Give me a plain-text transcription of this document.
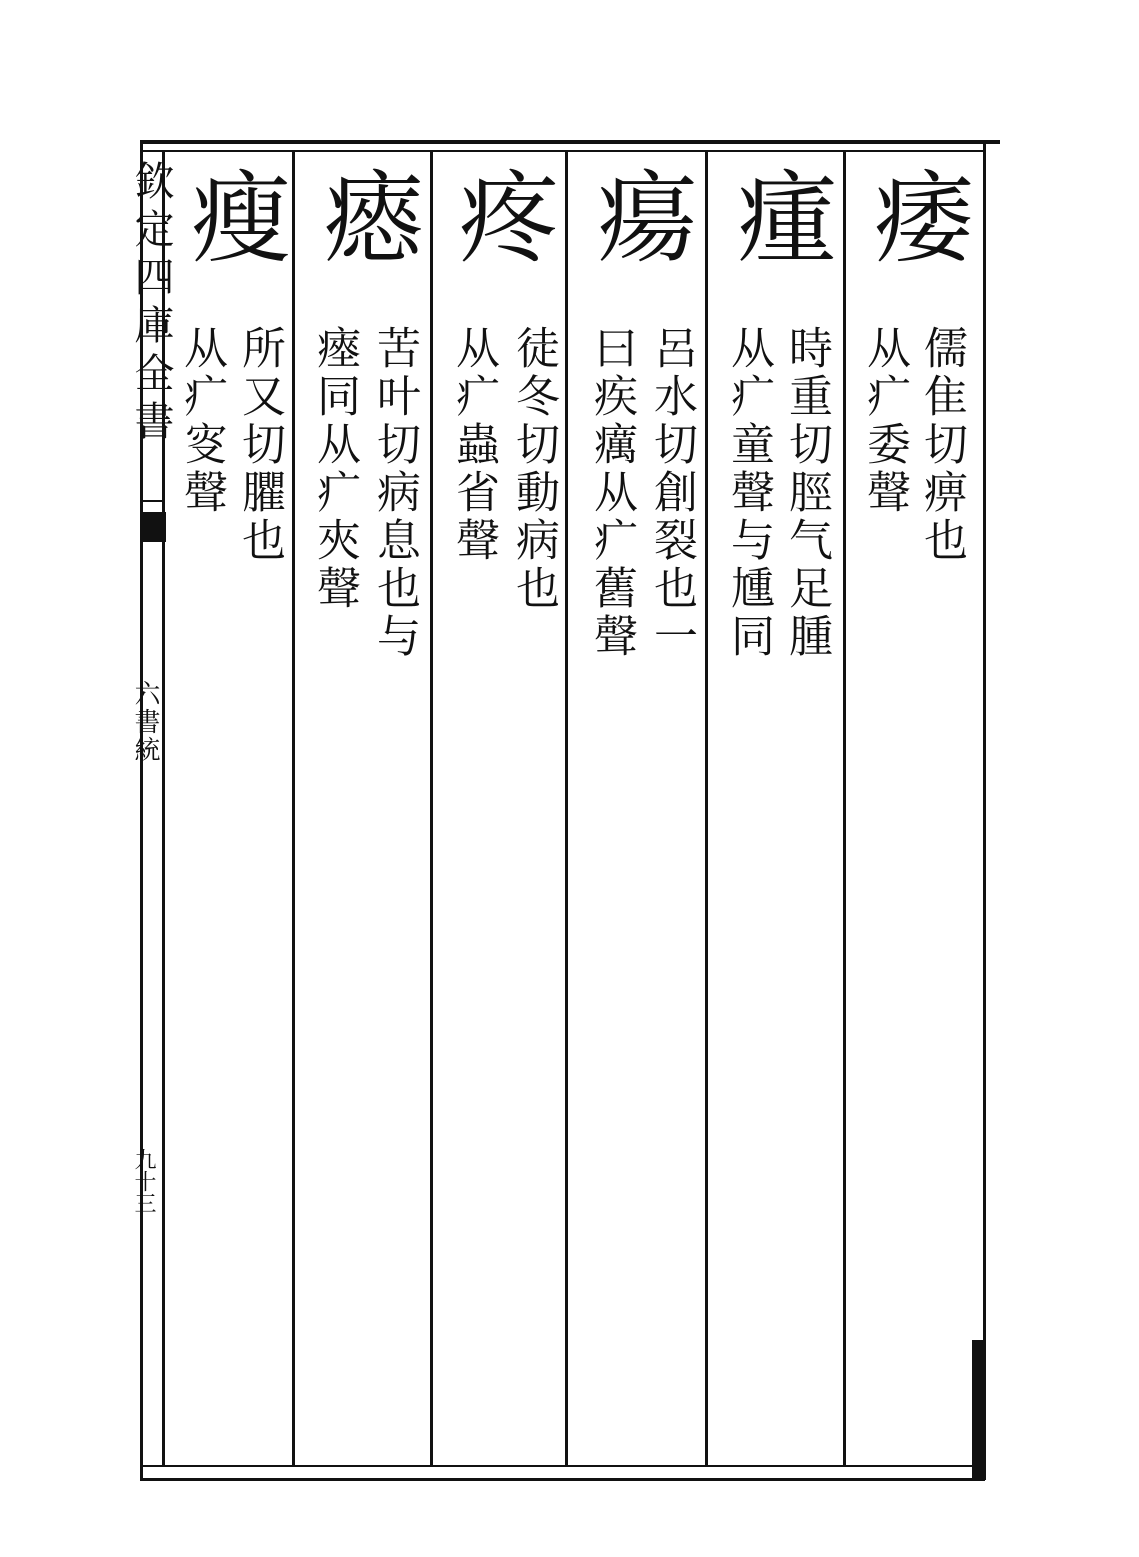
欽定四庫全書
六書統
九十三
痿
儒隹切痹也
从疒委聲
瘇
時重切脛气足腫
从疒童聲与尰同
瘍
呂水切創裂也一
曰疾癘从疒舊聲
疼
徒冬切動病也
从疒蟲省聲
瘱
苦叶切病息也与
瘞同从疒夾聲
瘦
所又切臞也
从疒叜聲
